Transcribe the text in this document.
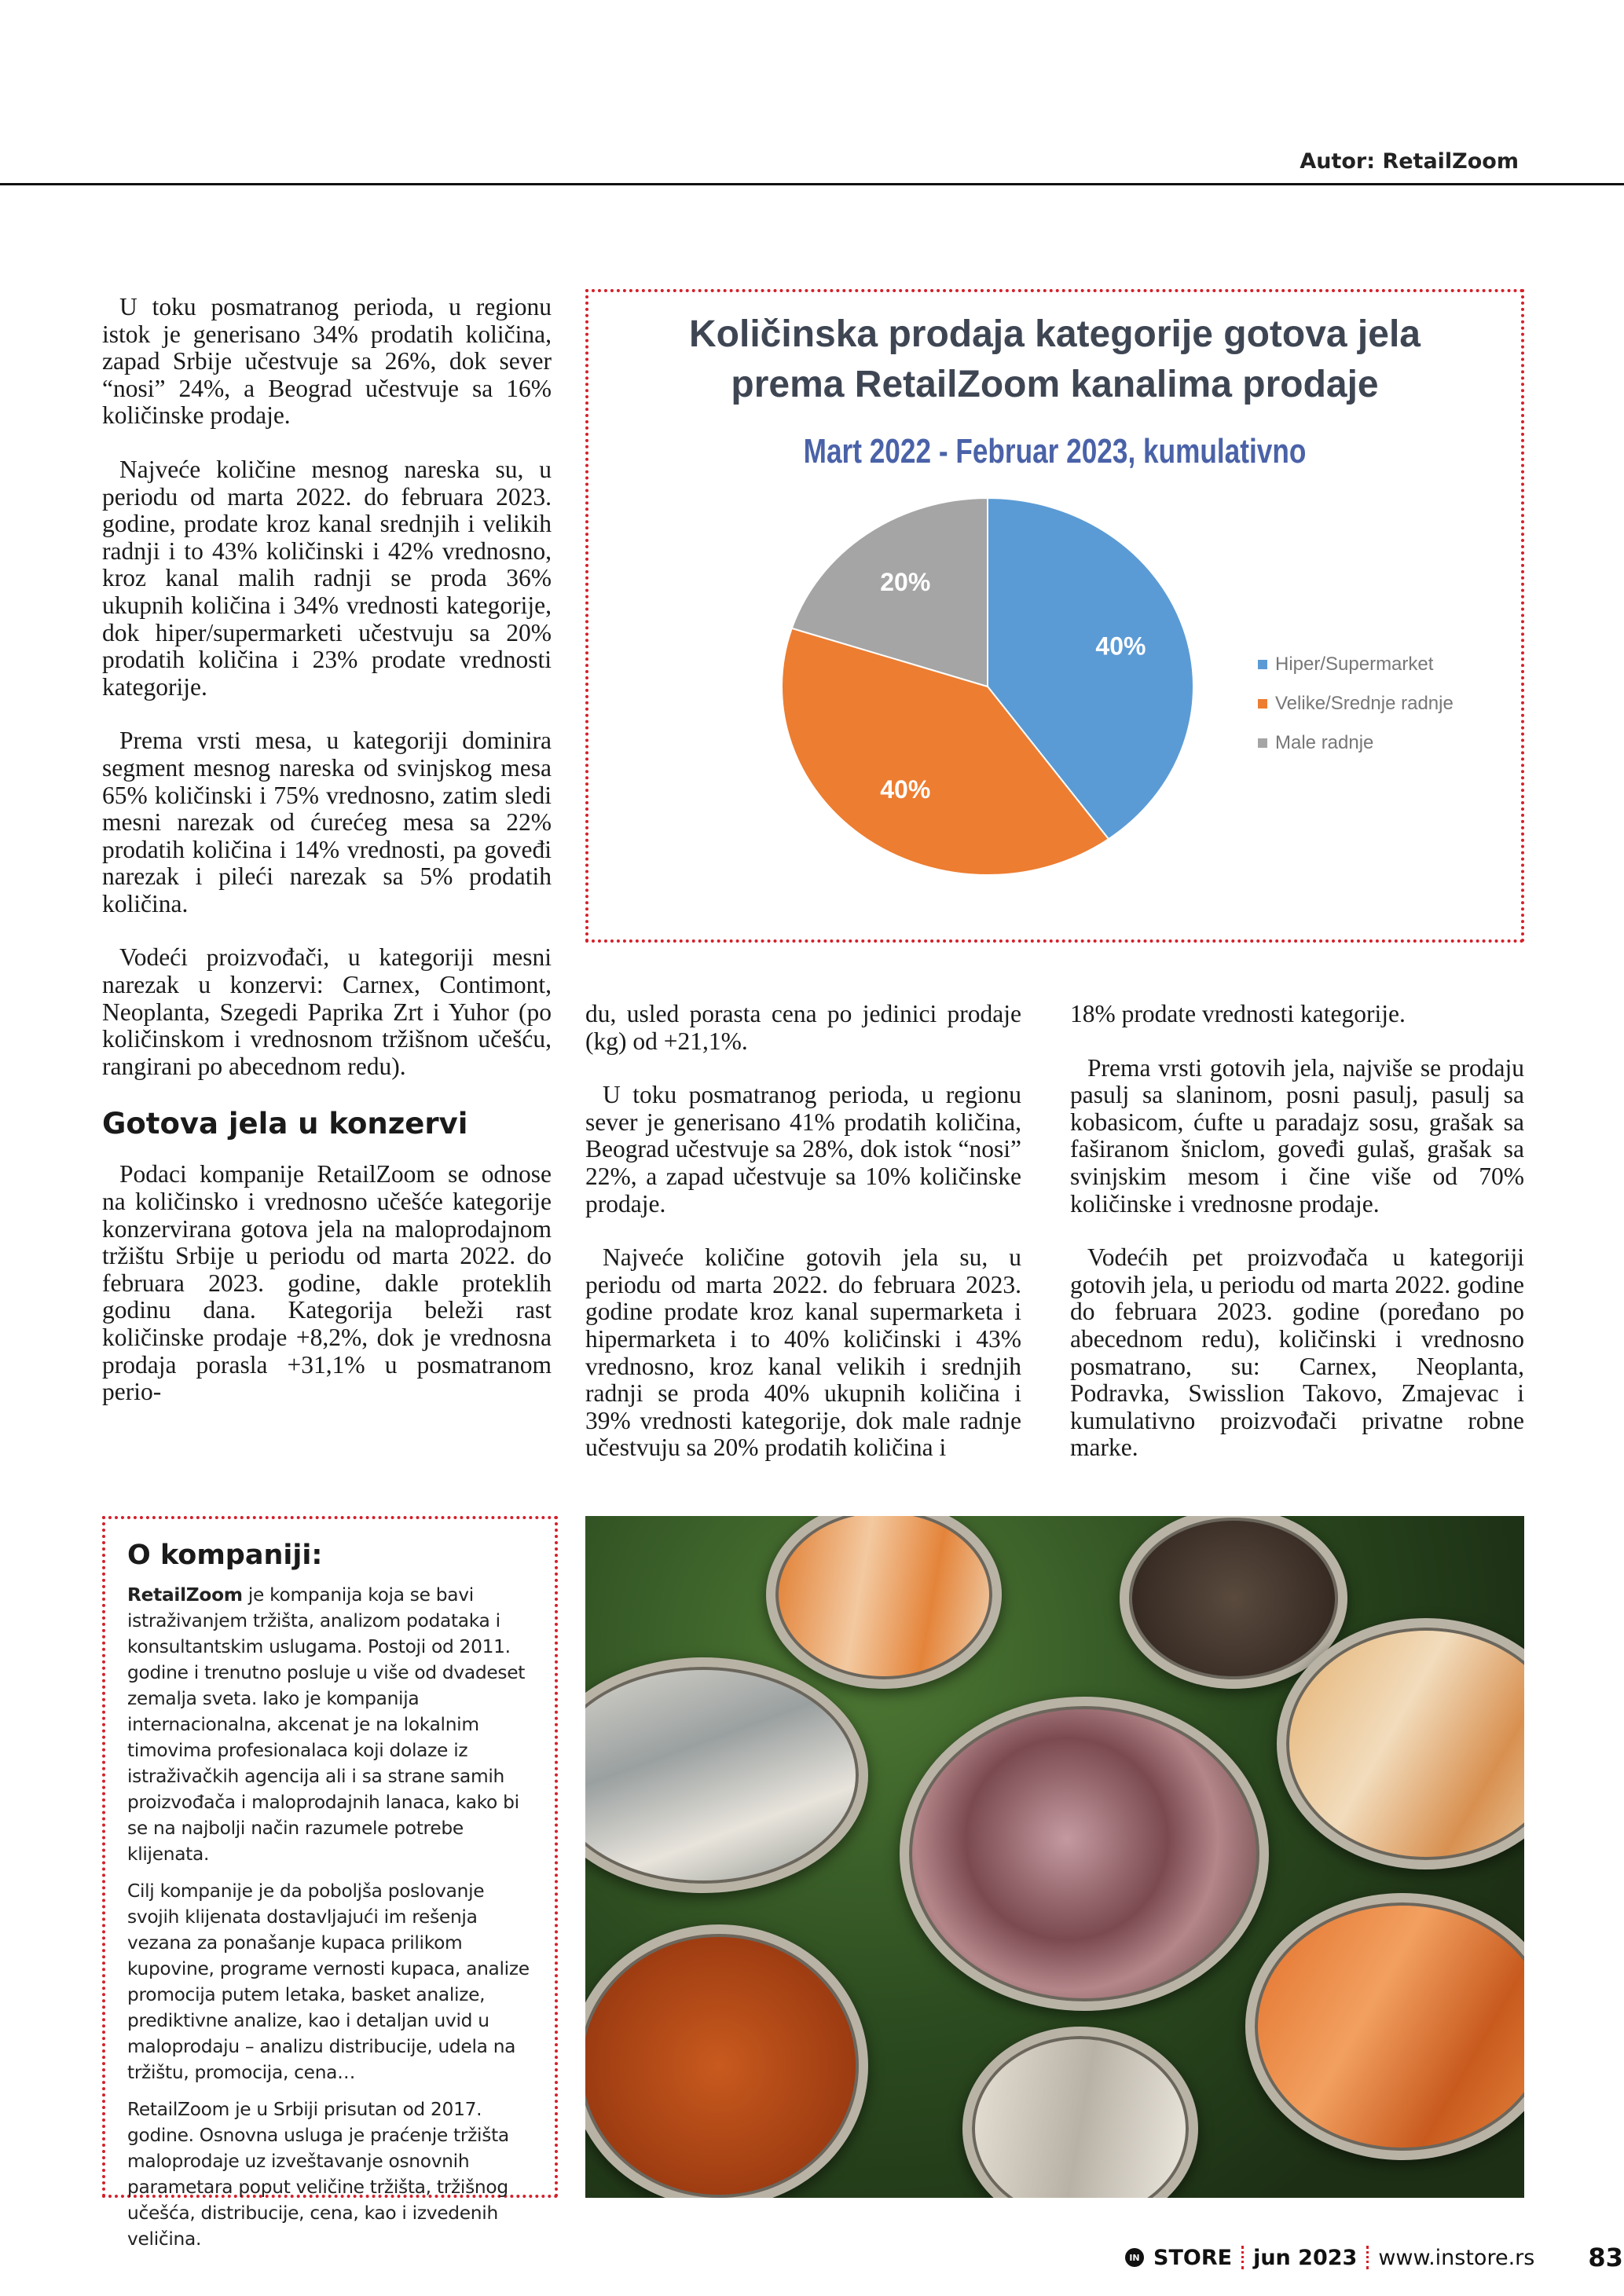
Autor: RetailZoom

U toku posmatranog perioda, u regionu istok je generisano 34% prodatih količina, zapad Srbije učestvuje sa 26%, dok sever “nosi” 24%, a Beograd učestvuje sa 16% količinske prodaje.

Najveće količine mesnog nareska su, u periodu od marta 2022. do februara 2023. godine, prodate kroz kanal srednjih i velikih radnji i to 43% količinski i 42% vrednosno, kroz kanal malih radnji se proda 36% ukupnih količina i 34% vrednosti kategorije, dok hiper/supermarketi učestvuju sa 20% prodatih količina i 23% prodate vrednosti kategorije.

Prema vrsti mesa, u kategoriji dominira segment mesnog nareska od svinjskog mesa 65% količinski i 75% vrednosno, zatim sledi mesni narezak od ćurećeg mesa sa 22% prodatih količina i 14% vrednosti, pa goveđi narezak i pileći narezak sa 5% prodatih količina.

Vodeći proizvođači, u kategoriji mesni narezak u konzervi: Carnex, Contimont, Neoplanta, Szegedi Paprika Zrt i Yuhor (po količinskom i vrednosnom tržišnom učešću, rangirani po abecednom redu).

Gotova jela u konzervi

Podaci kompanije RetailZoom se odnose na količinsko i vrednosno učešće kategorije konzervirana gotova jela na maloprodajnom tržištu Srbije u periodu od marta 2022. do februara 2023. godine, dakle proteklih godinu dana. Kategorija beleži rast količinske prodaje +8,2%, dok je vrednosna prodaja porasla +31,1% u posmatranom perio-

Količinska prodaja kategorije gotova jela
prema RetailZoom kanalima prodaje
Mart 2022 - Februar 2023, kumulativno
40%
40%
20%
Hiper/Supermarket
Velike/Srednje radnje
Male radnje

du, usled porasta cena po jedinici prodaje (kg) od +21,1%.

U toku posmatranog perioda, u regionu sever je generisano 41% prodatih količina, Beograd učestvuje sa 28%, dok istok “nosi” 22%, a zapad učestvuje sa 10% količinske prodaje.

Najveće količine gotovih jela su, u periodu od marta 2022. do februara 2023. godine prodate kroz kanal supermarketa i hipermarketa i to 40% količinski i 43% vrednosno, kroz kanal velikih i srednjih radnji se proda 40% ukupnih količina i 39% vrednosti kategorije, dok male radnje učestvuju sa 20% prodatih količina i

18% prodate vrednosti kategorije.

Prema vrsti gotovih jela, najviše se prodaju pasulj sa slaninom, posni pasulj, pasulj sa kobasicom, ćufte u paradajz sosu, grašak sa faširanom šniclom, goveđi gulaš, grašak sa svinjskim mesom i čine više od 70% količinske i vrednosne prodaje.

Vodećih pet proizvođača u kategoriji gotovih jela, u periodu od marta 2022. godine do februara 2023. godine (poređano po abecednom redu), količinski i vrednosno posmatrano, su: Carnex, Neoplanta, Podravka, Swisslion Takovo, Zmajevac i kumulativno proizvođači privatne robne marke.

O kompaniji:

RetailZoom je kompanija koja se bavi istraživanjem tržišta, analizom podataka i konsultantskim uslugama. Postoji od 2011. godine i trenutno posluje u više od dvadeset zemalja sveta. Iako je kompanija internacionalna, akcenat je na lokalnim timovima profesionalaca koji dolaze iz istraživačkih agencija ali i sa strane samih proizvođača i maloprodajnih lanaca, kako bi se na najbolji način razumele potrebe klijenata.

Cilj kompanije je da poboljša poslovanje svojih klijenata dostavljajući im rešenja vezana za ponašanje kupaca prilikom kupovine, programe vernosti kupaca, analize promocija putem letaka, basket analize, prediktivne analize, kao i detaljan uvid u maloprodaju – analizu distribucije, udela na tržištu, promocija, cena…

RetailZoom je u Srbiji prisutan od 2017. godine. Osnovna usluga je praćenje tržišta maloprodaje uz izveštavanje osnovnih parametara poput veličine tržišta, tržišnog učešća, distribucije, cena, kao i izvedenih veličina.

IN STORE jun 2023 www.instore.rs 83
